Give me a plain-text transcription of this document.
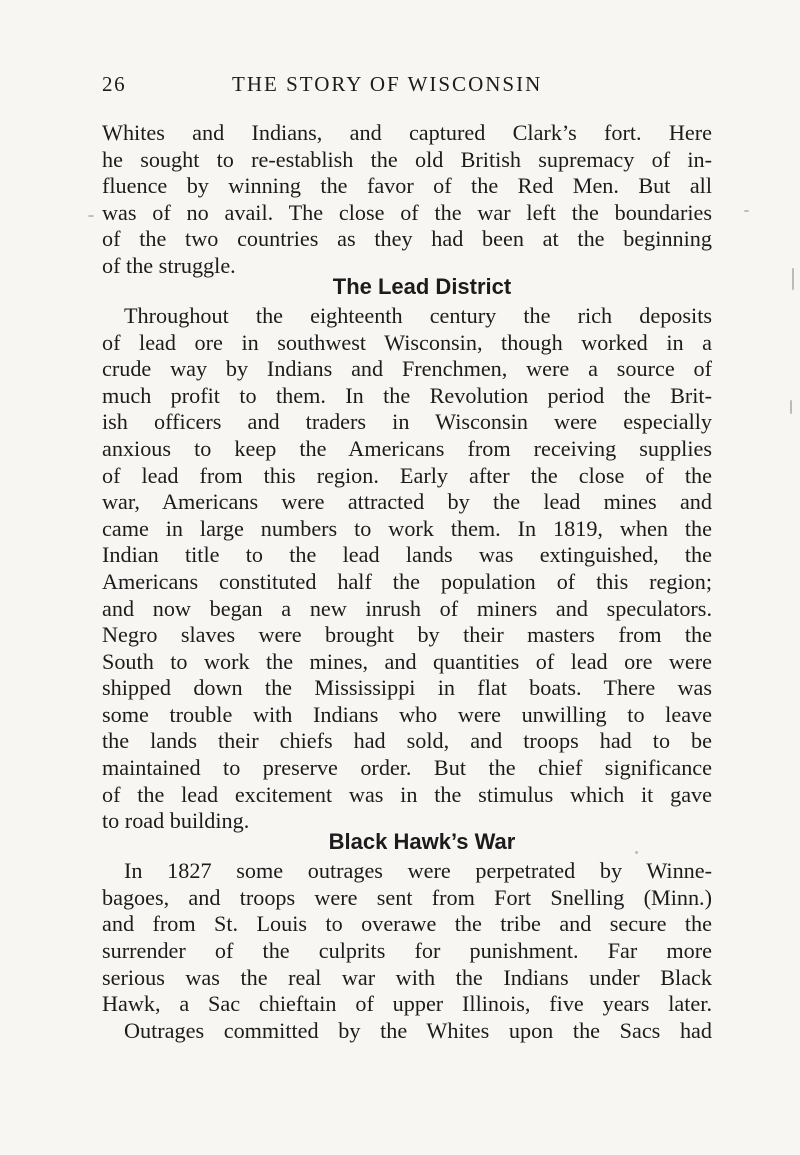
26	THE STORY OF WISCONSIN
Whites and Indians, and captured Clark’s fort. Here
he sought to re-establish the old British supremacy of in-
fluence by winning the favor of the Red Men. But all
was of no avail. The close of the war left the boundaries
of the two countries as they had been at the beginning
of the struggle.
The Lead District
Throughout the eighteenth century the rich deposits
of lead ore in southwest Wisconsin, though worked in a
crude way by Indians and Frenchmen, were a source of
much profit to them. In the Revolution period the Brit-
ish officers and traders in Wisconsin were especially
anxious to keep the Americans from receiving supplies
of lead from this region. Early after the close of the
war, Americans were attracted by the lead mines and
came in large numbers to work them. In 1819, when the
Indian title to the lead lands was extinguished, the
Americans constituted half the population of this region;
and now began a new inrush of miners and speculators.
Negro slaves were brought by their masters from the
South to work the mines, and quantities of lead ore were
shipped down the Mississippi in flat boats. There was
some trouble with Indians who were unwilling to leave
the lands their chiefs had sold, and troops had to be
maintained to preserve order. But the chief significance
of the lead excitement was in the stimulus which it gave
to road building.
Black Hawk’s War
In 1827 some outrages were perpetrated by Winne-
bagoes, and troops were sent from Fort Snelling (Minn.)
and from St. Louis to overawe the tribe and secure the
surrender of the culprits for punishment. Far more
serious was the real war with the Indians under Black
Hawk, a Sac chieftain of upper Illinois, five years later.
Outrages committed by the Whites upon the Sacs had
